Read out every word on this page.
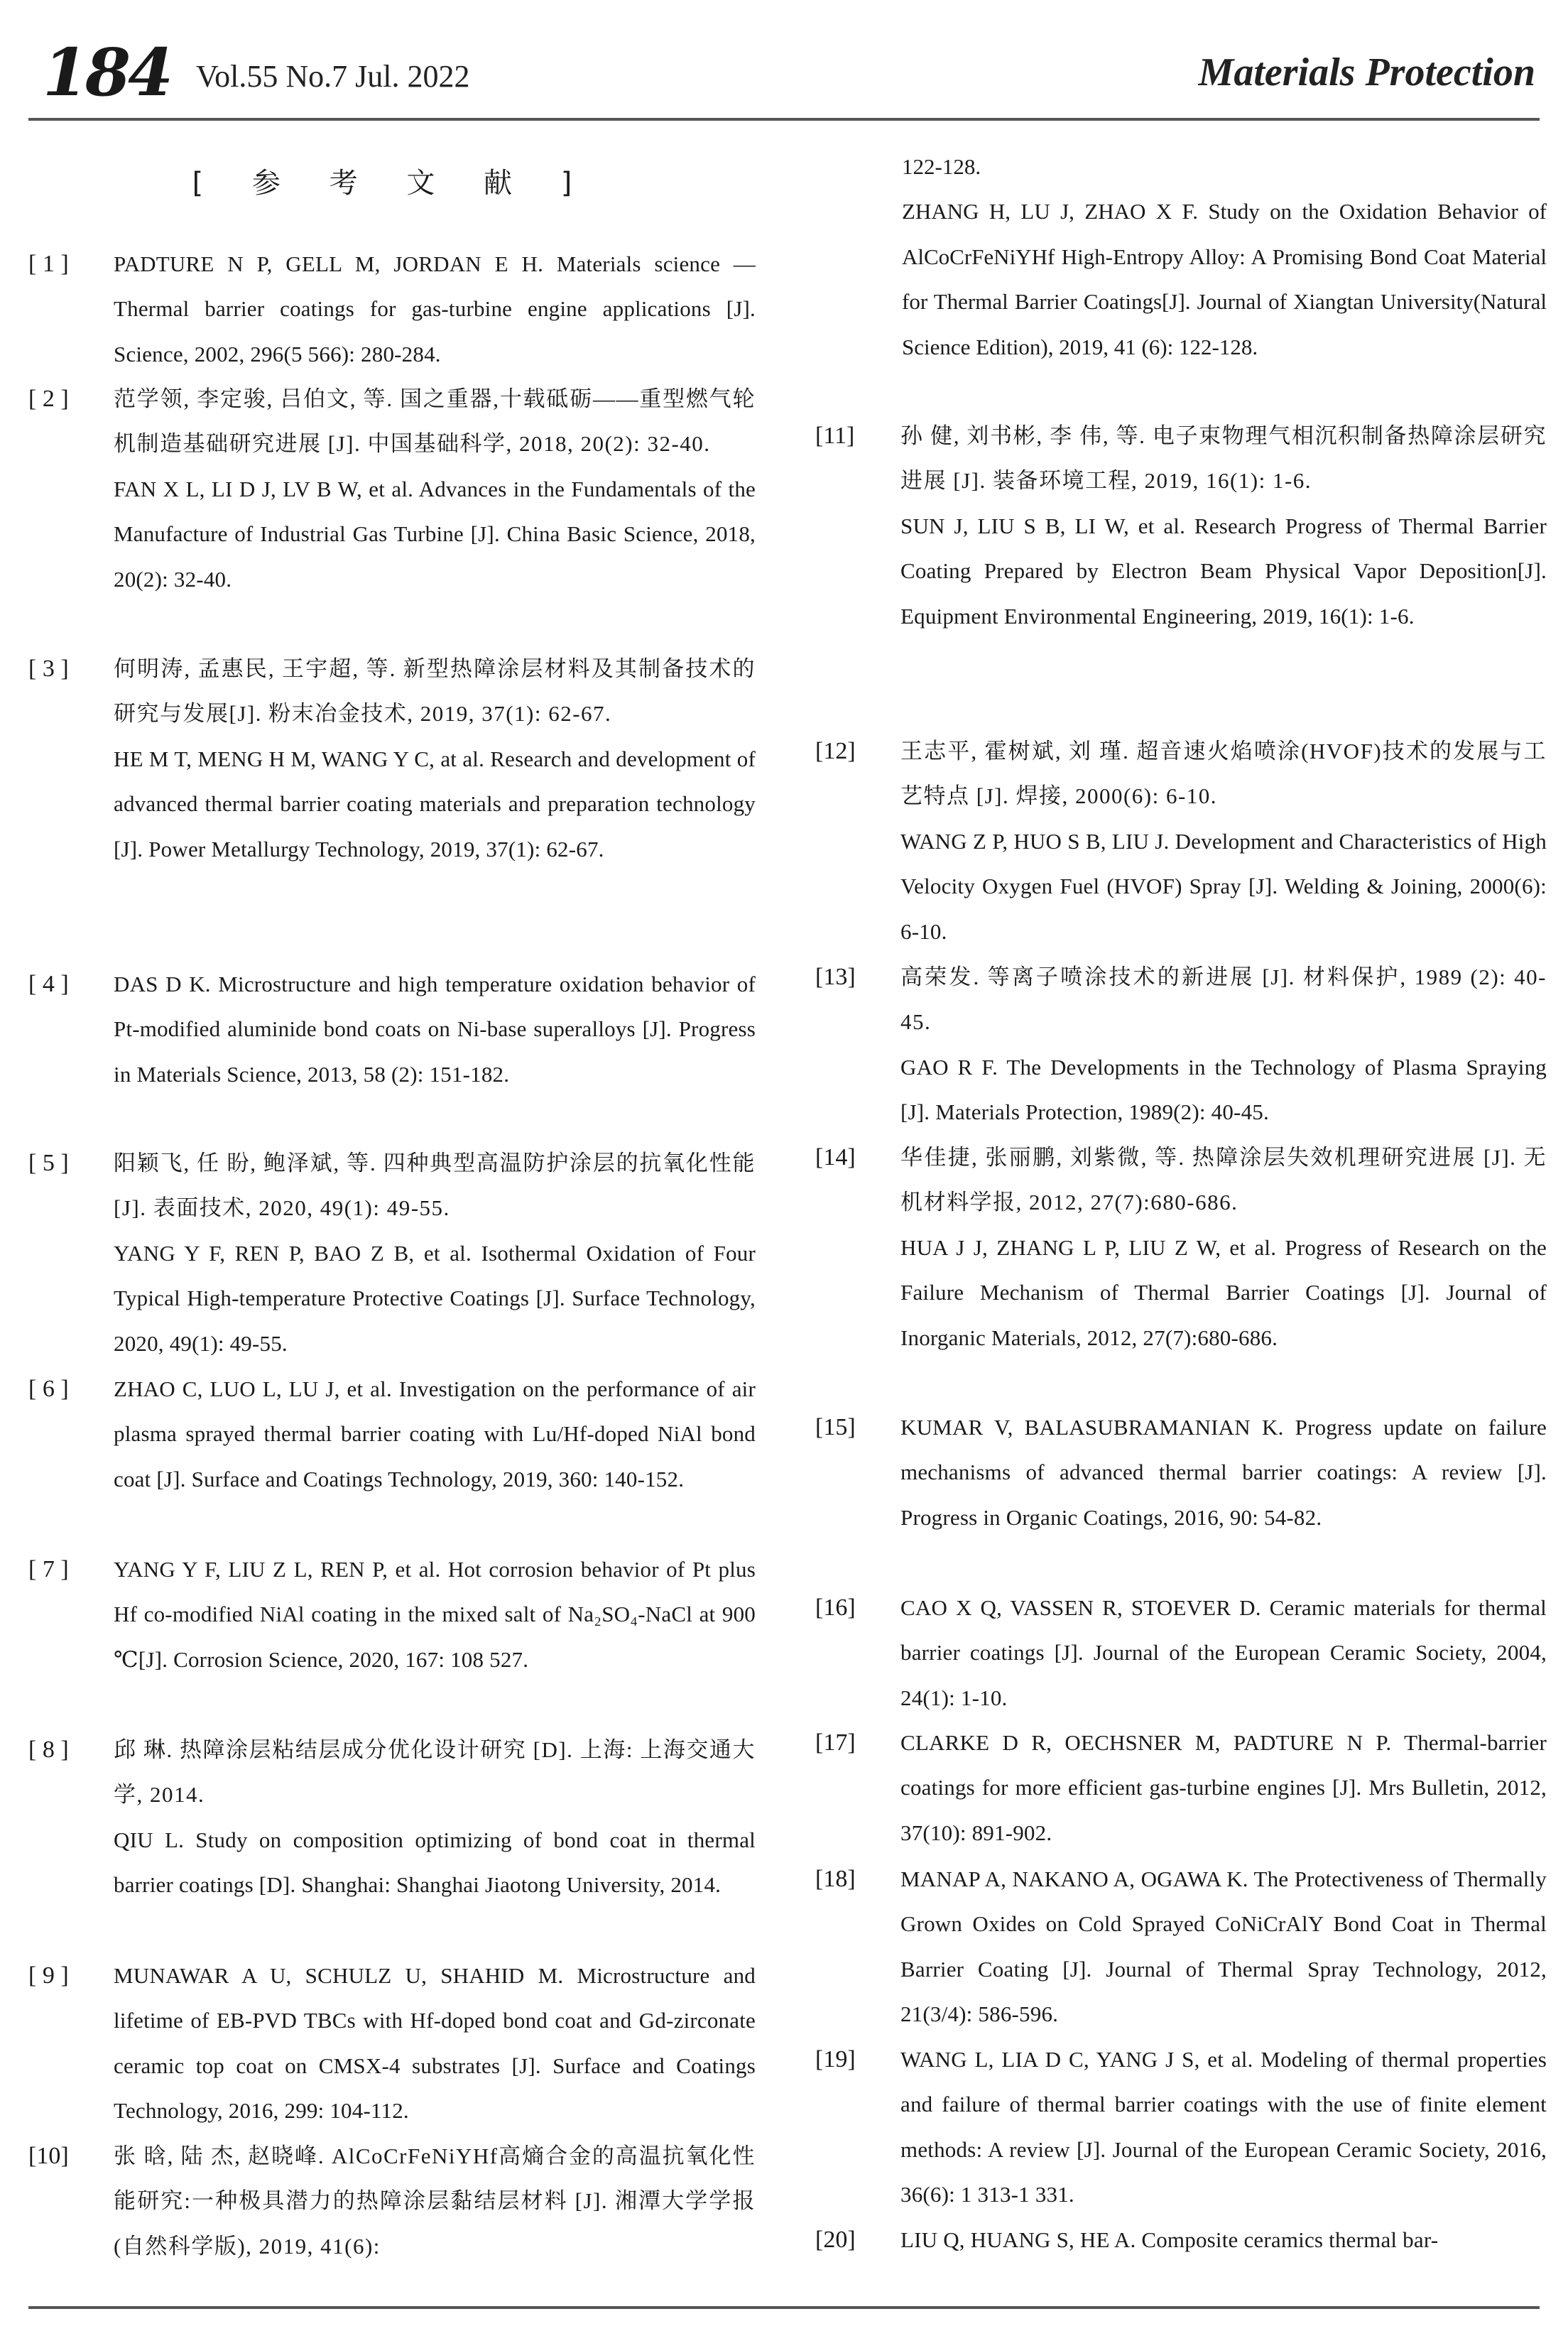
184 Vol.55 No.7 Jul. 2022	Materials Protection
[ 参 考 文 献 ]

122-128.

ZHANG H, LU J, ZHAO X F. Study on the Oxidation Behavior of AlCoCrFeNiYHf High-Entropy Alloy: A Promising Bond Coat Material for Thermal Barrier Coatings[J]. Journal of Xiangtan University(Natural Science Edition), 2019, 41 (6): 122-128.

[ 1 ]	PADTURE N P, GELL M, JORDAN E H. Materials science — Thermal barrier coatings for gas-turbine engine applications [J]. Science, 2002, 296(5 566): 280-284.

[ 2 ]	范学领, 李定骏, 吕伯文, 等. 国之重器,十载砥砺——重型燃气轮机制造基础研究进展 [J]. 中国基础科学, 2018, 20(2): 32-40.

FAN X L, LI D J, LV B W, et al. Advances in the Fundamentals of the Manufacture of Industrial Gas Turbine [J]. China Basic Science, 2018, 20(2): 32-40.

[ 3 ]	何明涛, 孟惠民, 王宇超, 等. 新型热障涂层材料及其制备技术的研究与发展[J]. 粉末冶金技术, 2019, 37(1): 62-67.

HE M T, MENG H M, WANG Y C, at al. Research and development of advanced thermal barrier coating materials and preparation technology [J]. Power Metallurgy Technology, 2019, 37(1): 62-67.

[ 4 ]	DAS D K. Microstructure and high temperature oxidation behavior of Pt-modified aluminide bond coats on Ni-base superalloys [J]. Progress in Materials Science, 2013, 58 (2): 151-182.

[ 5 ]	阳颖飞, 任 盼, 鲍泽斌, 等. 四种典型高温防护涂层的抗氧化性能 [J]. 表面技术, 2020, 49(1): 49-55.

YANG Y F, REN P, BAO Z B, et al. Isothermal Oxidation of Four Typical High-temperature Protective Coatings [J]. Surface Technology, 2020, 49(1): 49-55.

[ 6 ]	ZHAO C, LUO L, LU J, et al. Investigation on the performance of air plasma sprayed thermal barrier coating with Lu/Hf-doped NiAl bond coat [J]. Surface and Coatings Technology, 2019, 360: 140-152.

[ 7 ]	YANG Y F, LIU Z L, REN P, et al. Hot corrosion behavior of Pt plus Hf co-modified NiAl coating in the mixed salt of Na₂SO₄-NaCl at 900 ℃[J]. Corrosion Science, 2020, 167: 108 527.

[ 8 ]	邱 琳. 热障涂层粘结层成分优化设计研究 [D]. 上海: 上海交通大学, 2014.

QIU L. Study on composition optimizing of bond coat in thermal barrier coatings [D]. Shanghai: Shanghai Jiaotong University, 2014.

[ 9 ]	MUNAWAR A U, SCHULZ U, SHAHID M. Microstructure and lifetime of EB-PVD TBCs with Hf-doped bond coat and Gd-zirconate ceramic top coat on CMSX-4 substrates [J]. Surface and Coatings Technology, 2016, 299: 104-112.

[10]	张 晗, 陆 杰, 赵晓峰. AlCoCrFeNiYHf高熵合金的高温抗氧化性能研究:一种极具潜力的热障涂层黏结层材料 [J]. 湘潭大学学报(自然科学版), 2019, 41(6):

[11]	孙 健, 刘书彬, 李 伟, 等. 电子束物理气相沉积制备热障涂层研究进展 [J]. 装备环境工程, 2019, 16(1): 1-6.

SUN J, LIU S B, LI W, et al. Research Progress of Thermal Barrier Coating Prepared by Electron Beam Physical Vapor Deposition[J]. Equipment Environmental Engineering, 2019, 16(1): 1-6.

[12]	王志平, 霍树斌, 刘 瑾. 超音速火焰喷涂(HVOF)技术的发展与工艺特点 [J]. 焊接, 2000(6): 6-10.

WANG Z P, HUO S B, LIU J. Development and Characteristics of High Velocity Oxygen Fuel (HVOF) Spray [J]. Welding & Joining, 2000(6): 6-10.

[13]	高荣发. 等离子喷涂技术的新进展 [J]. 材料保护, 1989 (2): 40-45.

GAO R F. The Developments in the Technology of Plasma Spraying [J]. Materials Protection, 1989(2): 40-45.

[14]	华佳捷, 张丽鹏, 刘紫微, 等. 热障涂层失效机理研究进展 [J]. 无机材料学报, 2012, 27(7):680-686.

HUA J J, ZHANG L P, LIU Z W, et al. Progress of Research on the Failure Mechanism of Thermal Barrier Coatings [J]. Journal of Inorganic Materials, 2012, 27(7):680-686.

[15]	KUMAR V, BALASUBRAMANIAN K. Progress update on failure mechanisms of advanced thermal barrier coatings: A review [J]. Progress in Organic Coatings, 2016, 90: 54-82.

[16]	CAO X Q, VASSEN R, STOEVER D. Ceramic materials for thermal barrier coatings [J]. Journal of the European Ceramic Society, 2004, 24(1): 1-10.

[17]	CLARKE D R, OECHSNER M, PADTURE N P. Thermal-barrier coatings for more efficient gas-turbine engines [J]. Mrs Bulletin, 2012, 37(10): 891-902.

[18]	MANAP A, NAKANO A, OGAWA K. The Protectiveness of Thermally Grown Oxides on Cold Sprayed CoNiCrAlY Bond Coat in Thermal Barrier Coating [J]. Journal of Thermal Spray Technology, 2012, 21(3/4): 586-596.

[19]	WANG L, LIA D C, YANG J S, et al. Modeling of thermal properties and failure of thermal barrier coatings with the use of finite element methods: A review [J]. Journal of the European Ceramic Society, 2016, 36(6): 1 313-1 331.

[20]	LIU Q, HUANG S, HE A. Composite ceramics thermal bar-
